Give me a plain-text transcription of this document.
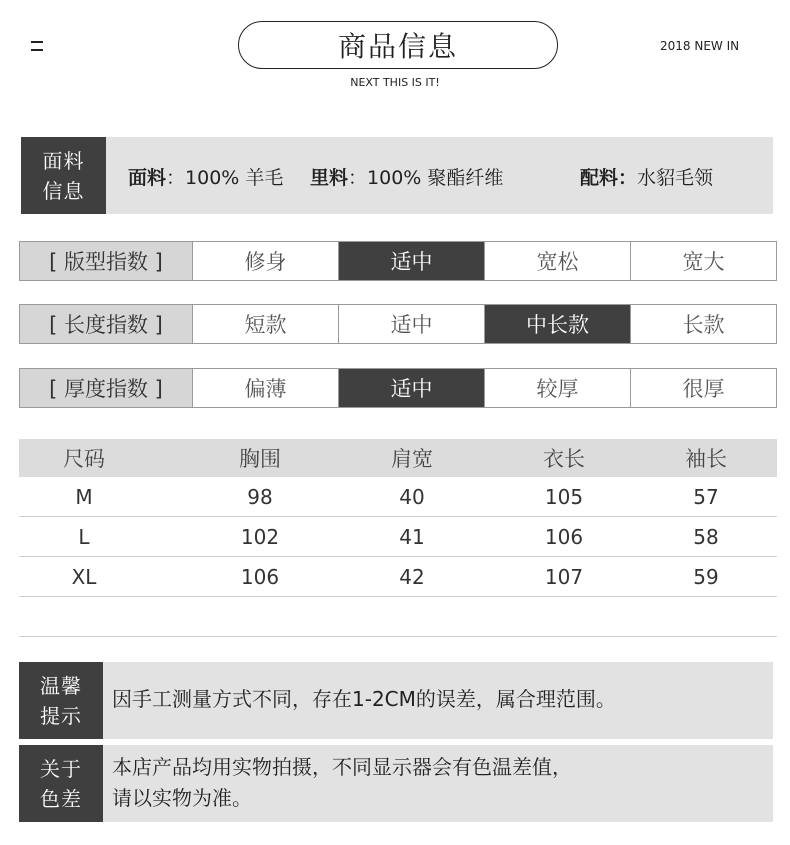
商品信息
NEXT THIS IS IT!
2018 NEW IN
面料
信息
面料：100% 羊毛 里料：100% 聚酯纤维	配料：水貂毛领
[ 版型指数 ]	修身	适中	宽松	宽大
[ 长度指数 ]	短款	适中	中长款	长款
[ 厚度指数 ]	偏薄	适中	较厚	很厚
尺码	胸围	肩宽	衣长	袖长
M	98	40	105	57
L	102	41	106	58
XL	106	42	107	59
温馨
提示
因手工测量方式不同，存在1-2CM的误差，属合理范围。
关于
色差
本店产品均用实物拍摄，不同显示器会有色温差值，
请以实物为准。
